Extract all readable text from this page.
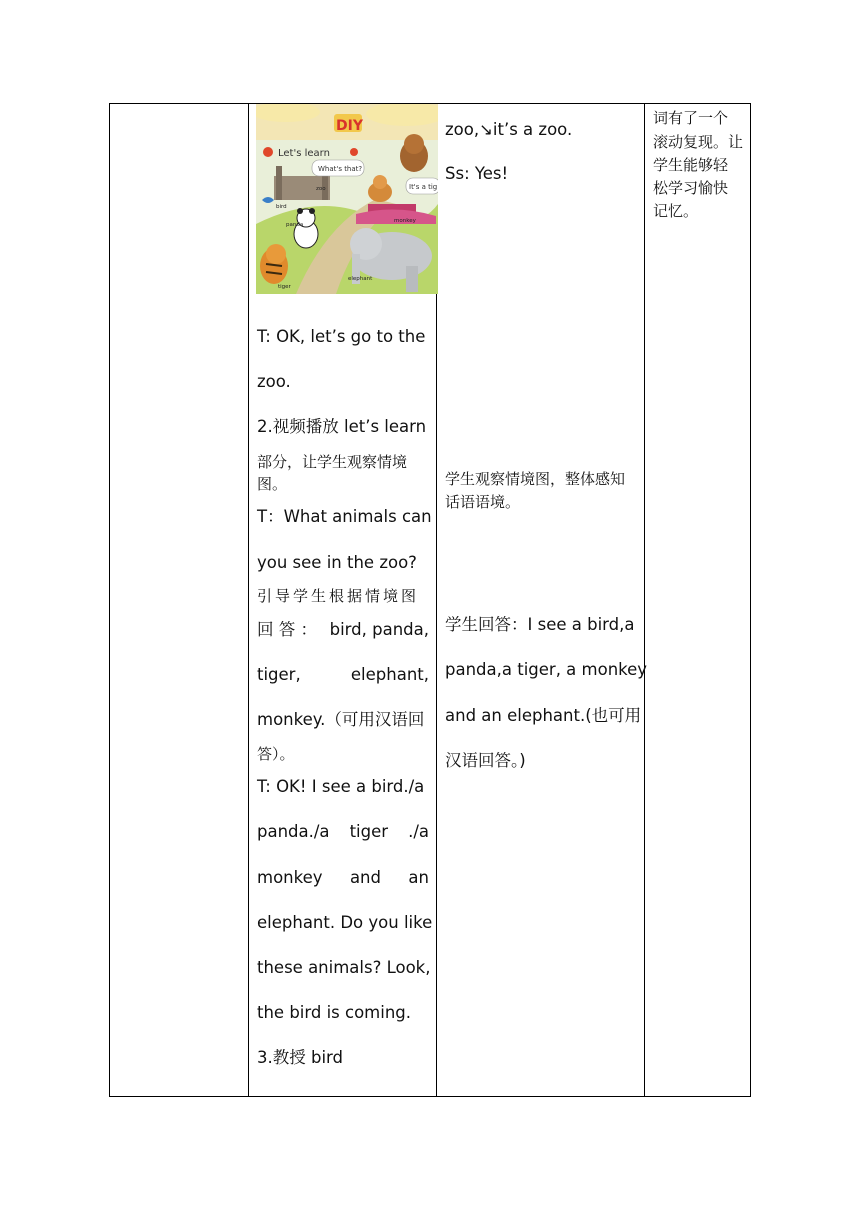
DIY
Let's learn
What's that?
It's a tig
zoo
bird
panda
monkey
tiger
elephant
T: OK, let’s go to the
zoo.
2.视频播放 let’s learn
部分，让学生观察情境
图。
T：What animals can
you see in the zoo?
引导学生根据情境图
回 答 ： bird, panda,
tiger,	elephant,
monkey.（可用汉语回
答）。
T: OK! I see a bird./a
panda./a tiger ./a
monkey and an
elephant. Do you like
these animals? Look,
the bird is coming.
3.教授 bird
zoo,↘it’s a zoo.
Ss: Yes!
学生观察情境图，整体感知
话语语境。
学生回答：I see a bird,a
panda,a tiger, a monkey
and an elephant.(也可用
汉语回答。)
词有了一个
滚动复现。让
学生能够轻
松学习愉快
记忆。
